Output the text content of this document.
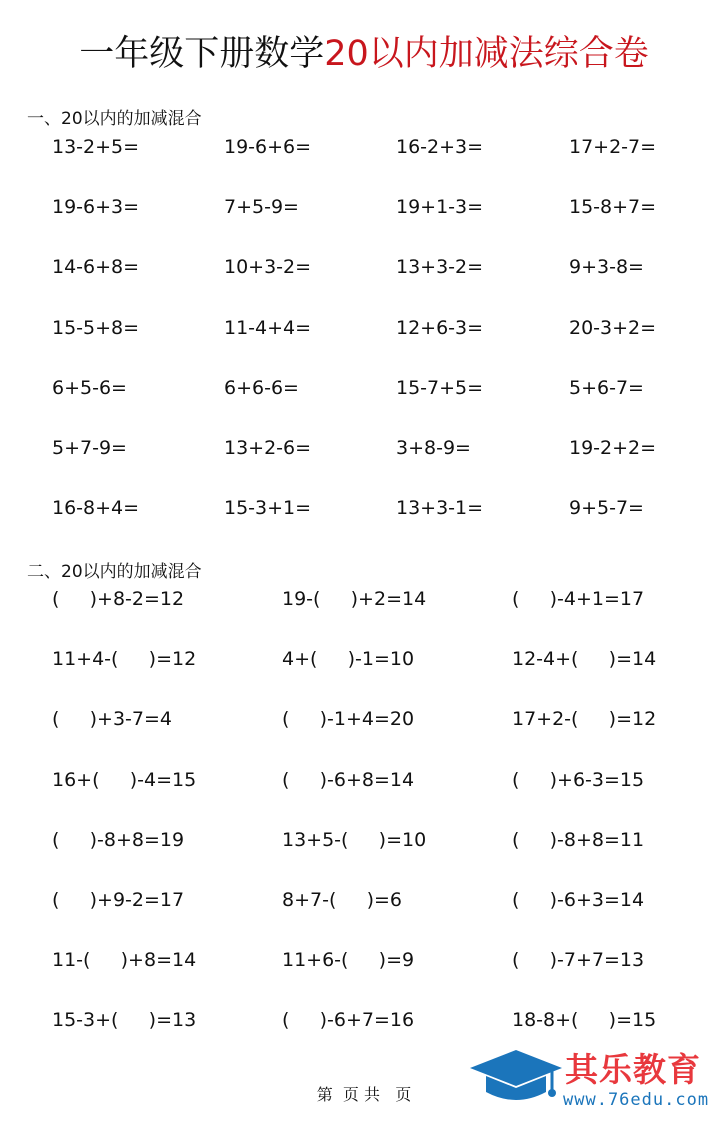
一年级下册数学20以内加减法综合卷
一、20以内的加减混合
13-2+5=	19-6+6=	16-2+3=	17+2-7=
19-6+3=	7+5-9=	19+1-3=	15-8+7=
14-6+8=	10+3-2=	13+3-2=	9+3-8=
15-5+8=	11-4+4=	12+6-3=	20-3+2=
6+5-6=	6+6-6=	15-7+5=	5+6-7=
5+7-9=	13+2-6=	3+8-9=	19-2+2=
16-8+4=	15-3+1=	13+3-1=	9+5-7=
二、20以内的加减混合
(     )+8-2=12	19-(     )+2=14	(     )-4+1=17
11+4-(     )=12	4+(     )-1=10	12-4+(     )=14
(     )+3-7=4	(     )-1+4=20	17+2-(     )=12
16+(     )-4=15	(     )-6+8=14	(     )+6-3=15
(     )-8+8=19	13+5-(     )=10	(     )-8+8=11
(     )+9-2=17	8+7-(     )=6	(     )-6+3=14
11-(     )+8=14	11+6-(     )=9	(     )-7+7=13
15-3+(     )=13	(     )-6+7=16	18-8+(     )=15
第  页 共   页
其乐教育
www.76edu.com
